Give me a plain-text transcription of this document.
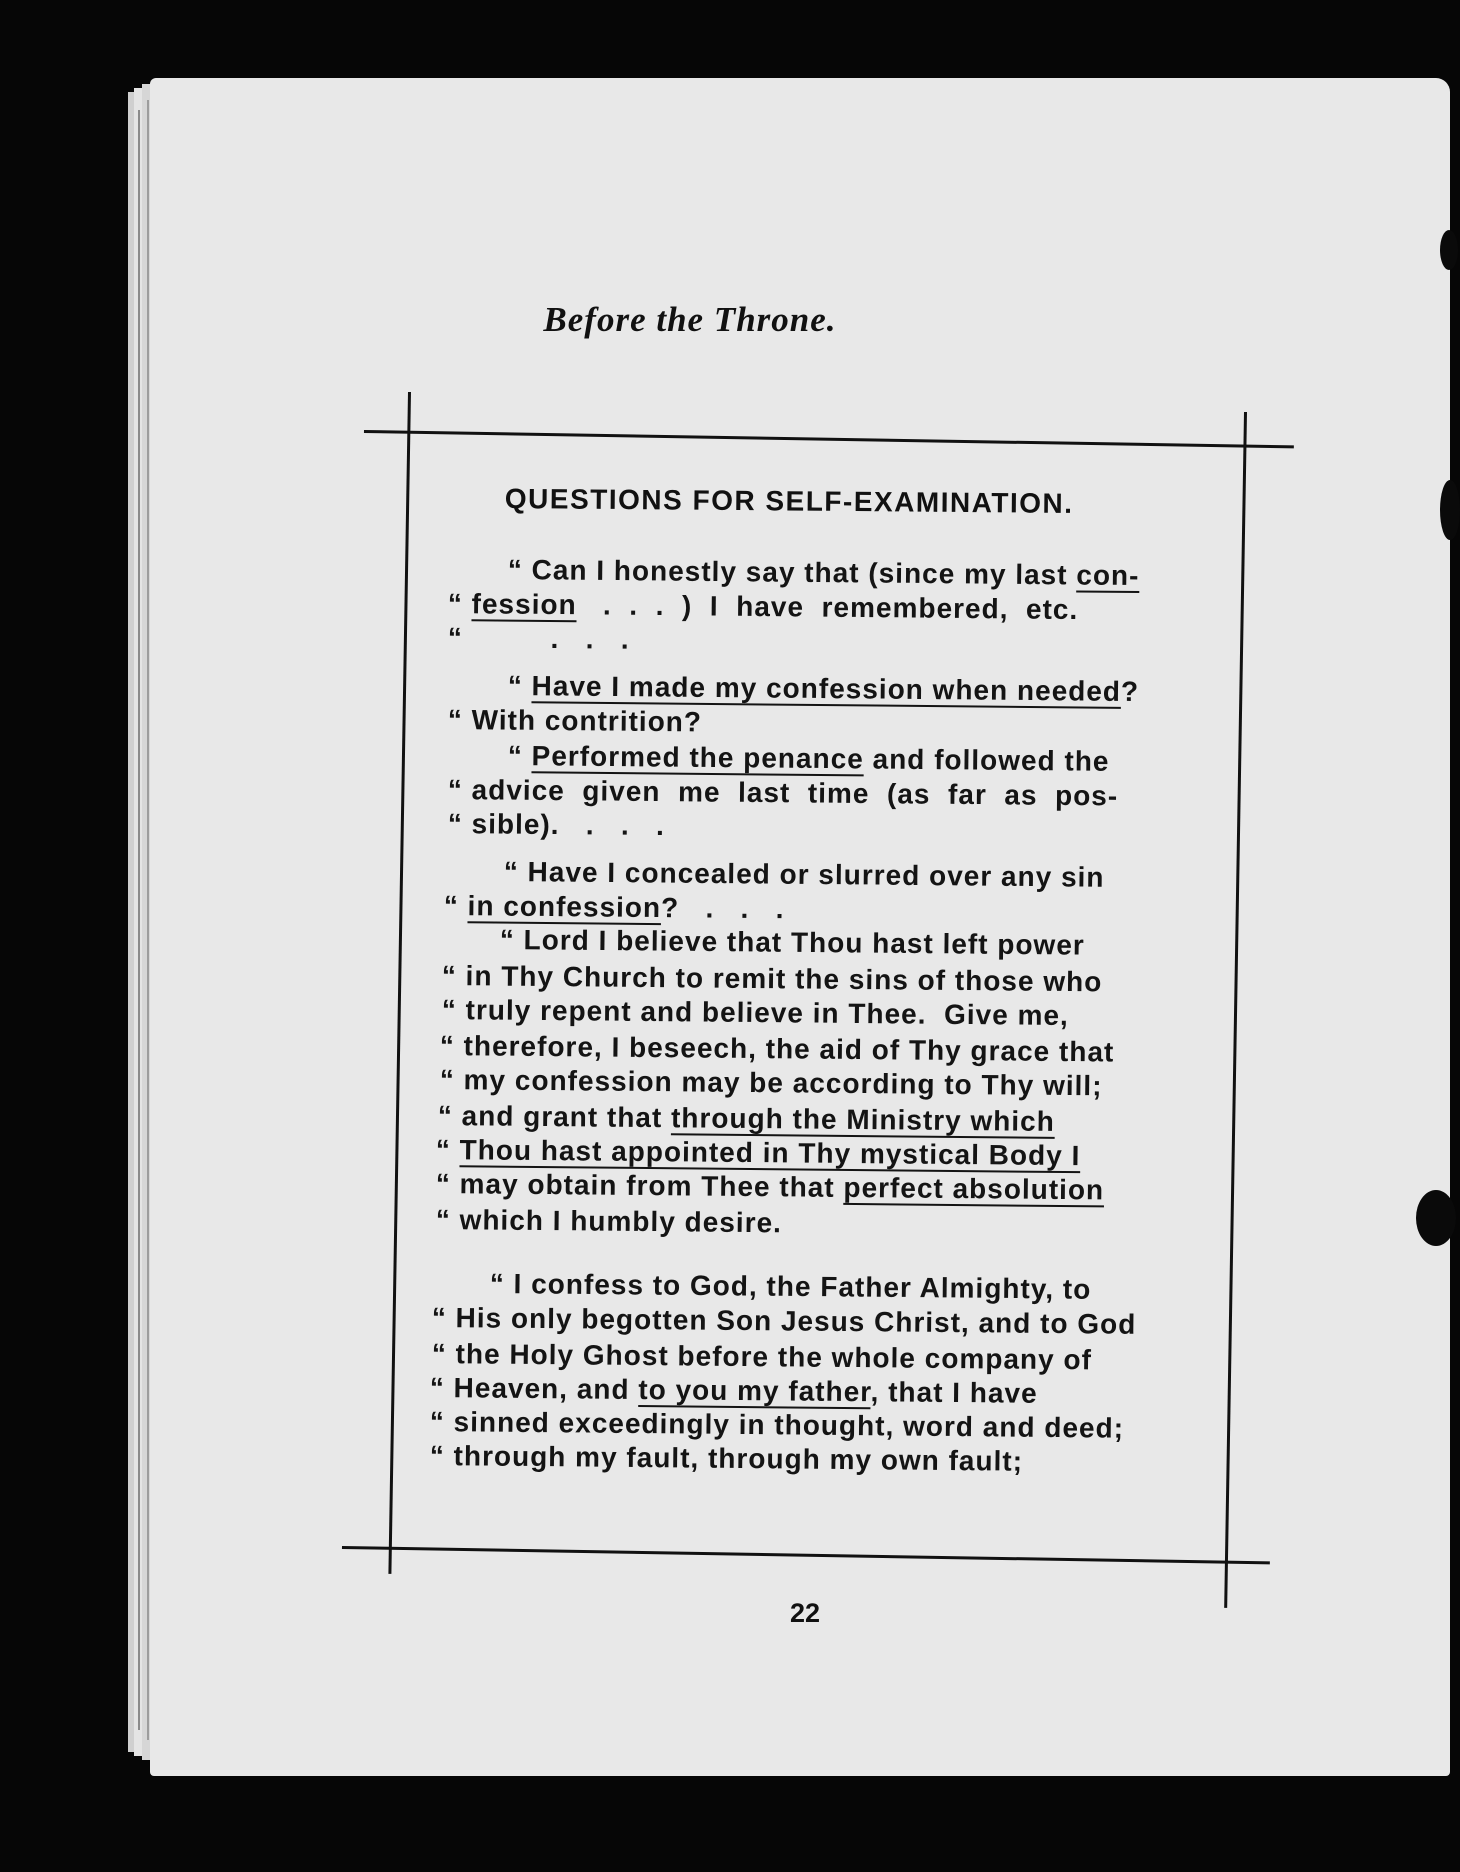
Before the Throne.
QUESTIONS FOR SELF-EXAMINATION.
“ Can I honestly say that (since my last con-
“ fession   .  .  .  )  I  have  remembered,  etc.
“          .   .   .
“ Have I made my confession when needed?
“ With contrition?
“ Performed the penance and followed the
“ advice  given  me  last  time  (as  far  as  pos-
“ sible).   .   .   .
“ Have I concealed or slurred over any sin
“ in confession?   .   .   .
“ Lord I believe that Thou hast left power
“ in Thy Church to remit the sins of those who
“ truly repent and believe in Thee.  Give me,
“ therefore, I beseech, the aid of Thy grace that
“ my confession may be according to Thy will;
“ and grant that through the Ministry which
“ Thou hast appointed in Thy mystical Body I
“ may obtain from Thee that perfect absolution
“ which I humbly desire.
“ I confess to God, the Father Almighty, to
“ His only begotten Son Jesus Christ, and to God
“ the Holy Ghost before the whole company of
“ Heaven, and to you my father, that I have
“ sinned exceedingly in thought, word and deed;
“ through my fault, through my own fault;
22
